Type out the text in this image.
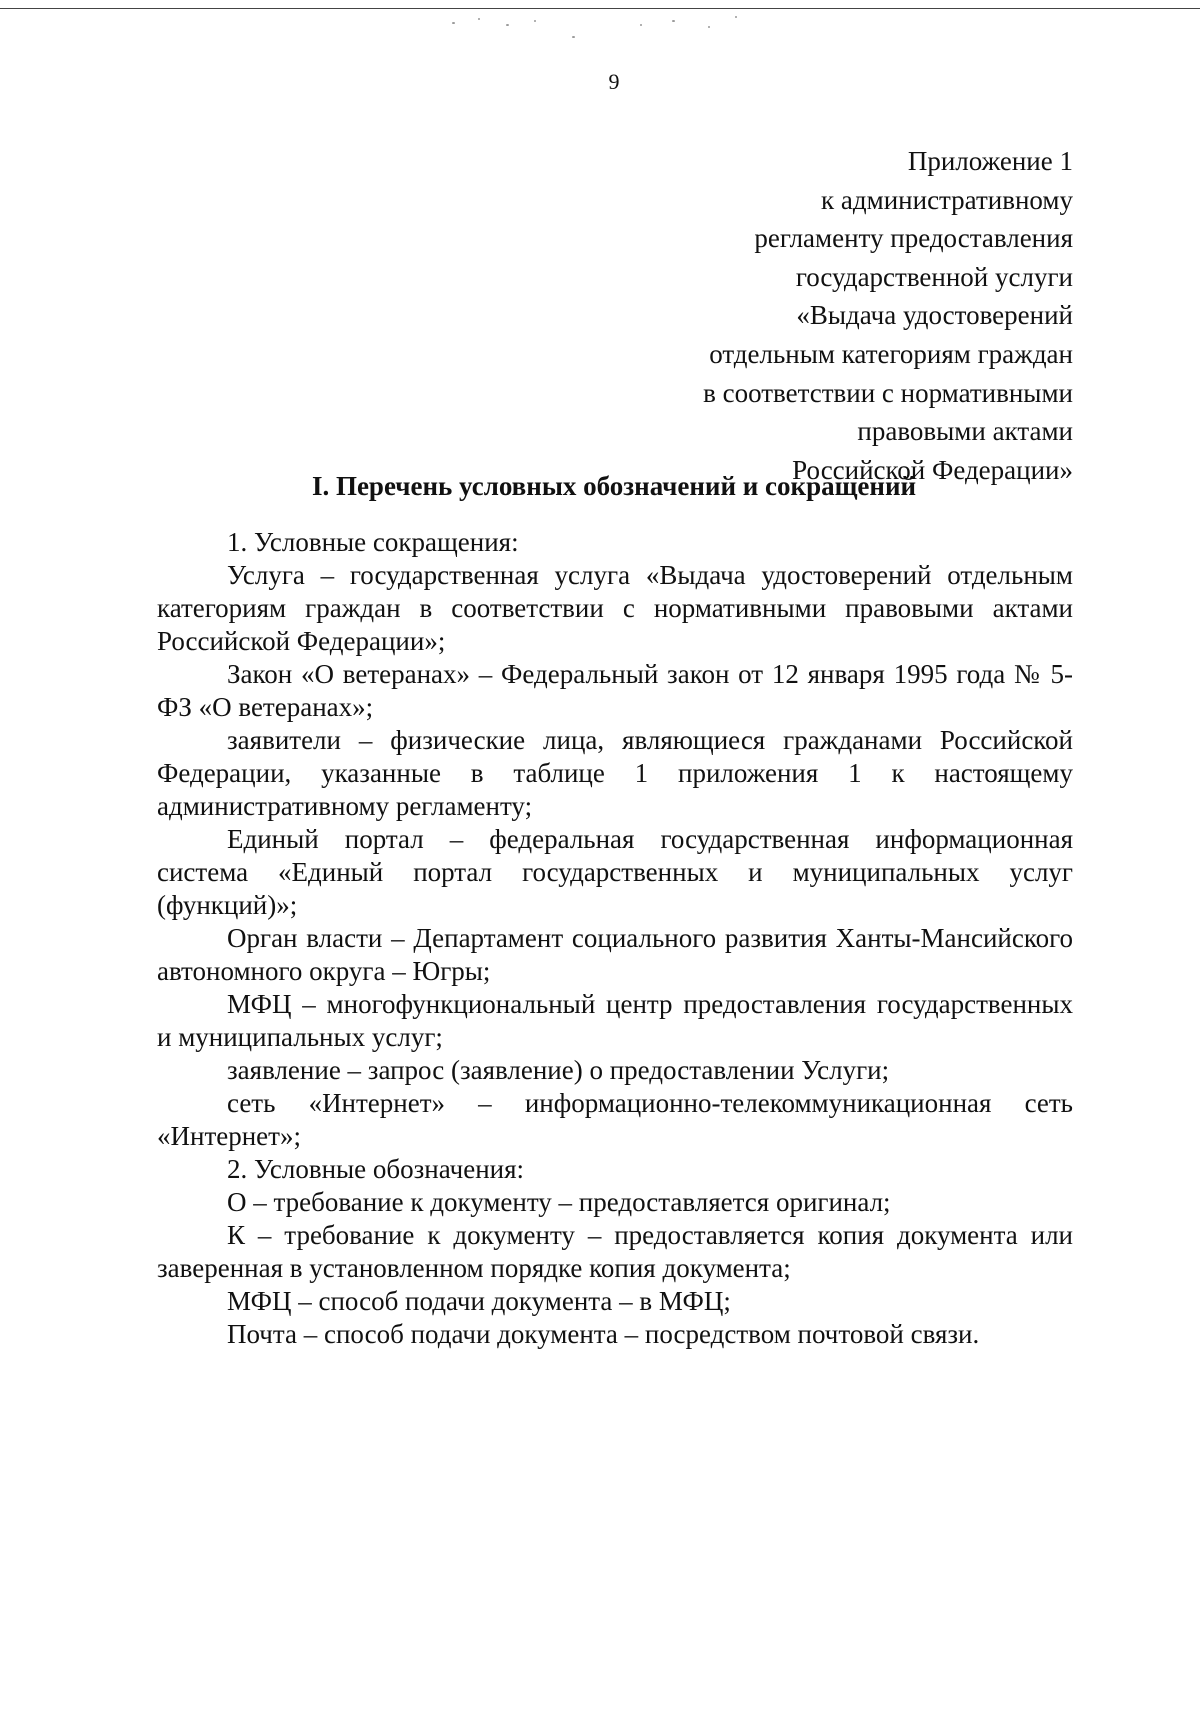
9
Приложение 1
к административному
регламенту предоставления
государственной услуги
«Выдача удостоверений
отдельным категориям граждан
в соответствии с нормативными
правовыми актами
Российской Федерации»
I. Перечень условных обозначений и сокращений

1. Условные сокращения:

Услуга – государственная услуга «Выдача удостоверений отдельным категориям граждан в соответствии с нормативными правовыми актами Российской Федерации»;

Закон «О ветеранах» – Федеральный закон от 12 января 1995 года № 5-ФЗ «О ветеранах»;

заявители – физические лица, являющиеся гражданами Российской Федерации, указанные в таблице 1 приложения 1 к настоящему административному регламенту;

Единый портал – федеральная государственная информационная система «Единый портал государственных и муниципальных услуг (функций)»;

Орган власти – Департамент социального развития Ханты-Мансийского автономного округа – Югры;

МФЦ – многофункциональный центр предоставления государственных и муниципальных услуг;

заявление – запрос (заявление) о предоставлении Услуги;

сеть «Интернет» – информационно-телекоммуникационная сеть «Интернет»;

2. Условные обозначения:

О – требование к документу – предоставляется оригинал;

К – требование к документу – предоставляется копия документа или заверенная в установленном порядке копия документа;

МФЦ – способ подачи документа – в МФЦ;

Почта – способ подачи документа – посредством почтовой связи.
